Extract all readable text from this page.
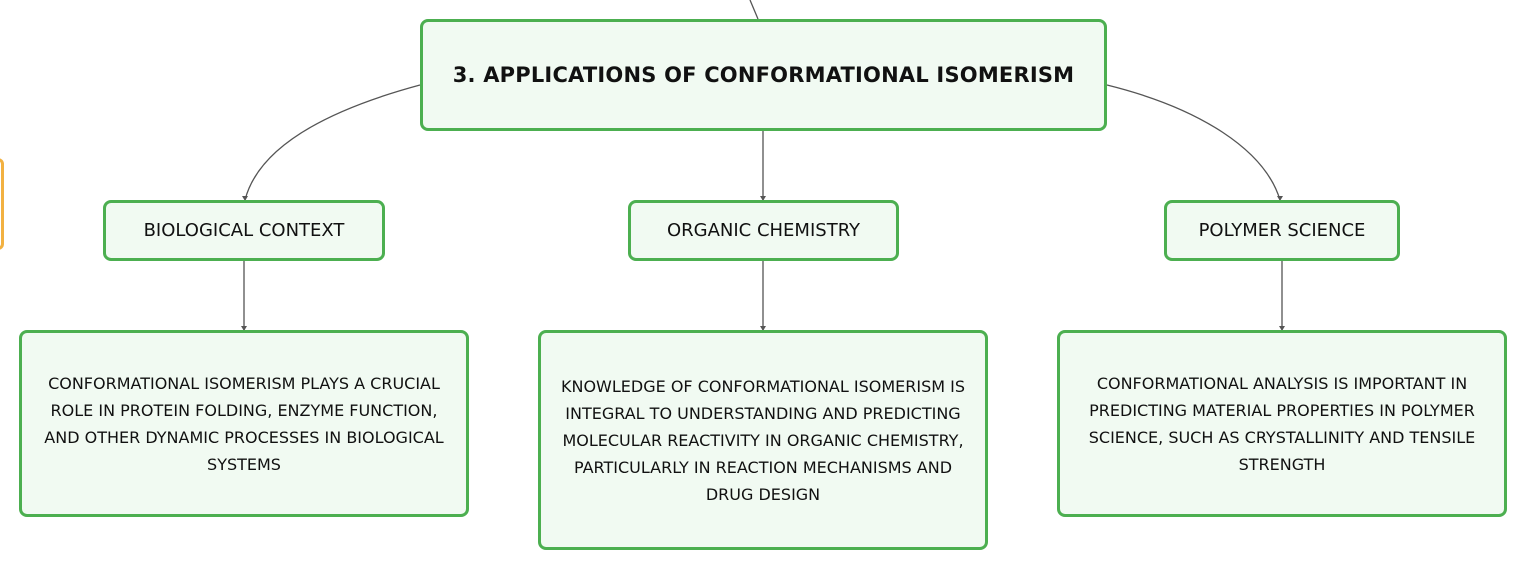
3. APPLICATIONS OF CONFORMATIONAL ISOMERISM
BIOLOGICAL CONTEXT	ORGANIC CHEMISTRY	POLYMER SCIENCE
CONFORMATIONAL ISOMERISM PLAYS A CRUCIAL ROLE IN PROTEIN FOLDING, ENZYME FUNCTION, AND OTHER DYNAMIC PROCESSES IN BIOLOGICAL SYSTEMS
KNOWLEDGE OF CONFORMATIONAL ISOMERISM IS INTEGRAL TO UNDERSTANDING AND PREDICTING MOLECULAR REACTIVITY IN ORGANIC CHEMISTRY, PARTICULARLY IN REACTION MECHANISMS AND DRUG DESIGN
CONFORMATIONAL ANALYSIS IS IMPORTANT IN PREDICTING MATERIAL PROPERTIES IN POLYMER SCIENCE, SUCH AS CRYSTALLINITY AND TENSILE STRENGTH
